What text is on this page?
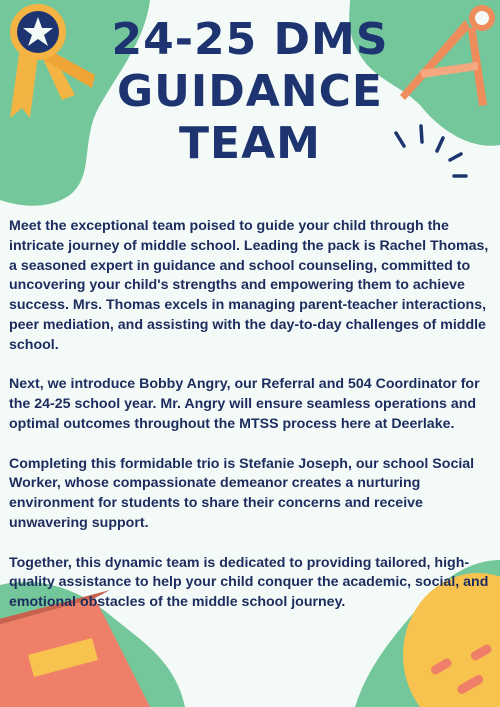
24-25 DMS
GUIDANCE
TEAM

Meet the exceptional team poised to guide your child through the intricate journey of middle school. Leading the pack is Rachel Thomas, a seasoned expert in guidance and school counseling, committed to uncovering your child's strengths and empowering them to achieve success. Mrs. Thomas excels in managing parent-teacher interactions, peer mediation, and assisting with the day-to-day challenges of middle school.

Next, we introduce Bobby Angry, our Referral and 504 Coordinator for the 24-25 school year. Mr. Angry will ensure seamless operations and optimal outcomes throughout the MTSS process here at Deerlake.

Completing this formidable trio is Stefanie Joseph, our school Social Worker, whose compassionate demeanor creates a nurturing environment for students to share their concerns and receive unwavering support.

Together, this dynamic team is dedicated to providing tailored, high-quality assistance to help your child conquer the academic, social, and emotional obstacles of the middle school journey.
